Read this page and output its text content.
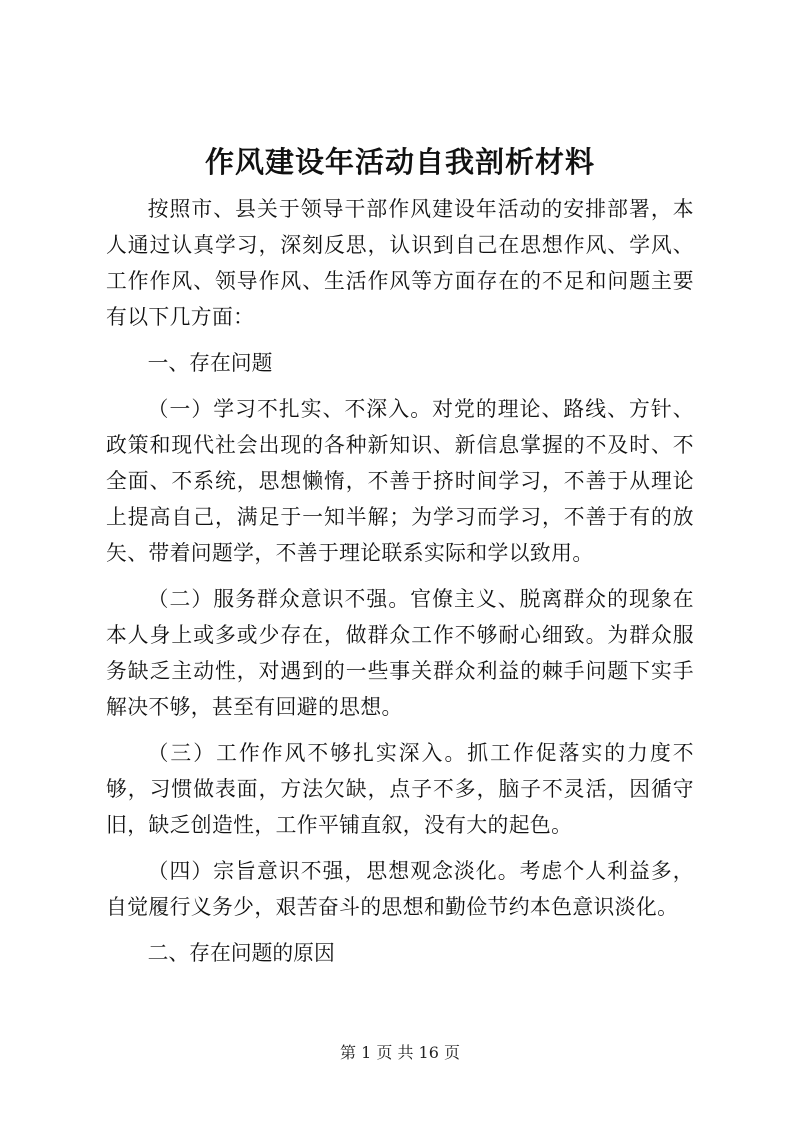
作风建设年活动自我剖析材料

按照市、县关于领导干部作风建设年活动的安排部署，本人通过认真学习，深刻反思，认识到自己在思想作风、学风、工作作风、领导作风、生活作风等方面存在的不足和问题主要有以下几方面：

一、存在问题

（一）学习不扎实、不深入。对党的理论、路线、方针、政策和现代社会出现的各种新知识、新信息掌握的不及时、不全面、不系统，思想懒惰，不善于挤时间学习，不善于从理论上提高自己，满足于一知半解；为学习而学习，不善于有的放矢、带着问题学，不善于理论联系实际和学以致用。

（二）服务群众意识不强。官僚主义、脱离群众的现象在本人身上或多或少存在，做群众工作不够耐心细致。为群众服务缺乏主动性，对遇到的一些事关群众利益的棘手问题下实手解决不够，甚至有回避的思想。

（三）工作作风不够扎实深入。抓工作促落实的力度不够，习惯做表面，方法欠缺，点子不多，脑子不灵活，因循守旧，缺乏创造性，工作平铺直叙，没有大的起色。

（四）宗旨意识不强，思想观念淡化。考虑个人利益多，自觉履行义务少，艰苦奋斗的思想和勤俭节约本色意识淡化。

二、存在问题的原因

第 1 页 共 16 页
